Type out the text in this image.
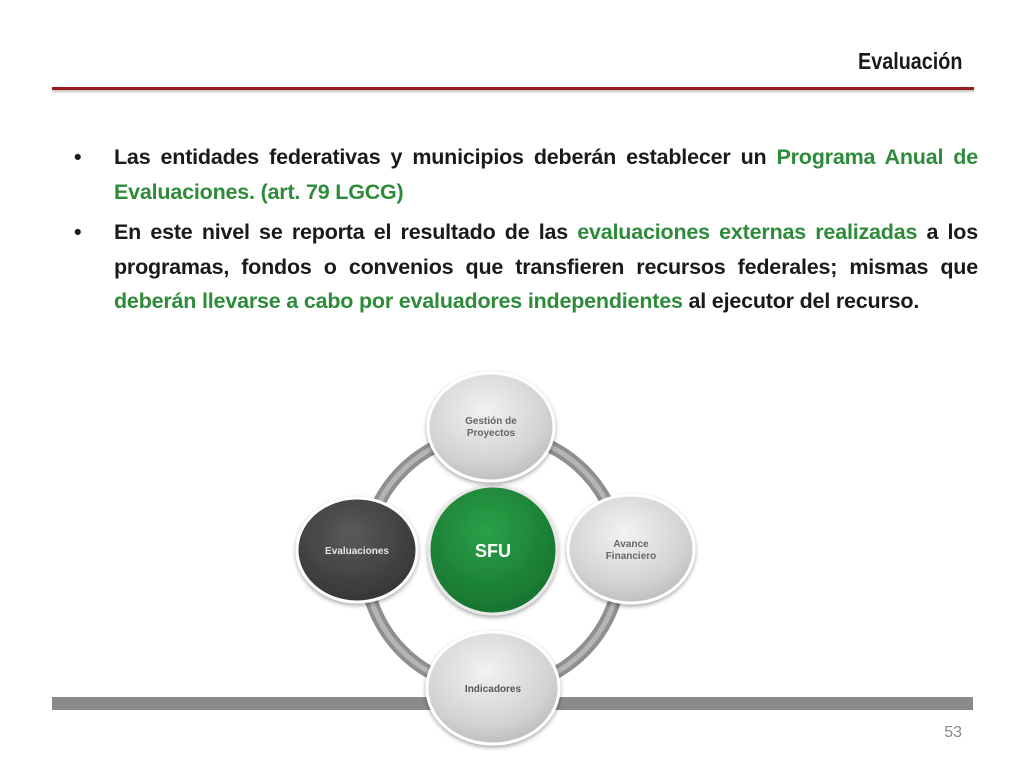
Evaluación
• Las entidades federativas y municipios deberán establecer un Programa Anual de Evaluaciones. (art. 79 LGCG)
• En este nivel se reporta el resultado de las evaluaciones externas realizadas a los programas, fondos o convenios que transfieren recursos federales; mismas que deberán llevarse a cabo por evaluadores independientes al ejecutor del recurso.
SFU
Gestión de
Proyectos
Avance
Financiero
Evaluaciones
Indicadores
53
